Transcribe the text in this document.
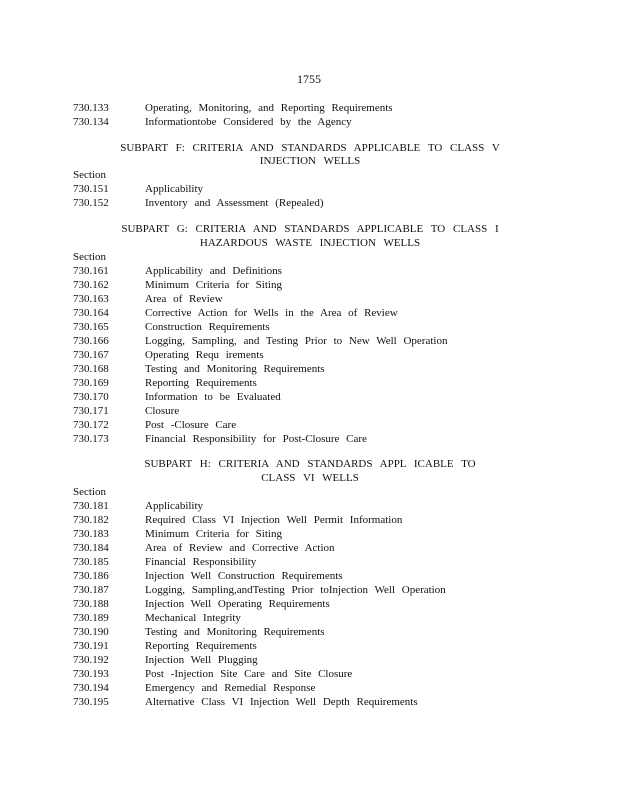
1755
730.133	Operating, Monitoring, and Reporting Requirements
730.134	Informationtobe Considered by the Agency
SUBPART F: CRITERIA AND STANDARDS APPLICABLE TO CLASS V
INJECTION WELLS
Section
730.151	Applicability
730.152	Inventory and Assessment (Repealed)
SUBPART G: CRITERIA AND STANDARDS APPLICABLE TO CLASS I
HAZARDOUS WASTE INJECTION WELLS
Section
730.161	Applicability and Definitions
730.162	Minimum Criteria for Siting
730.163	Area of Review
730.164	Corrective Action for Wells in the Area of Review
730.165	Construction Requirements
730.166	Logging, Sampling, and Testing Prior to New Well Operation
730.167	Operating Requ irements
730.168	Testing and Monitoring Requirements
730.169	Reporting Requirements
730.170	Information to be Evaluated
730.171	Closure
730.172	Post -Closure Care
730.173	Financial Responsibility for Post-Closure Care
SUBPART H: CRITERIA AND STANDARDS APPL ICABLE TO
CLASS VI WELLS
Section
730.181	Applicability
730.182	Required Class VI Injection Well Permit Information
730.183	Minimum Criteria for Siting
730.184	Area of Review and Corrective Action
730.185	Financial Responsibility
730.186	Injection Well Construction Requirements
730.187	Logging, Sampling,andTesting Prior toInjection Well Operation
730.188	Injection Well Operating Requirements
730.189	Mechanical Integrity
730.190	Testing and Monitoring Requirements
730.191	Reporting Requirements
730.192	Injection Well Plugging
730.193	Post -Injection Site Care and Site Closure
730.194	Emergency and Remedial Response
730.195	Alternative Class VI Injection Well Depth Requirements
